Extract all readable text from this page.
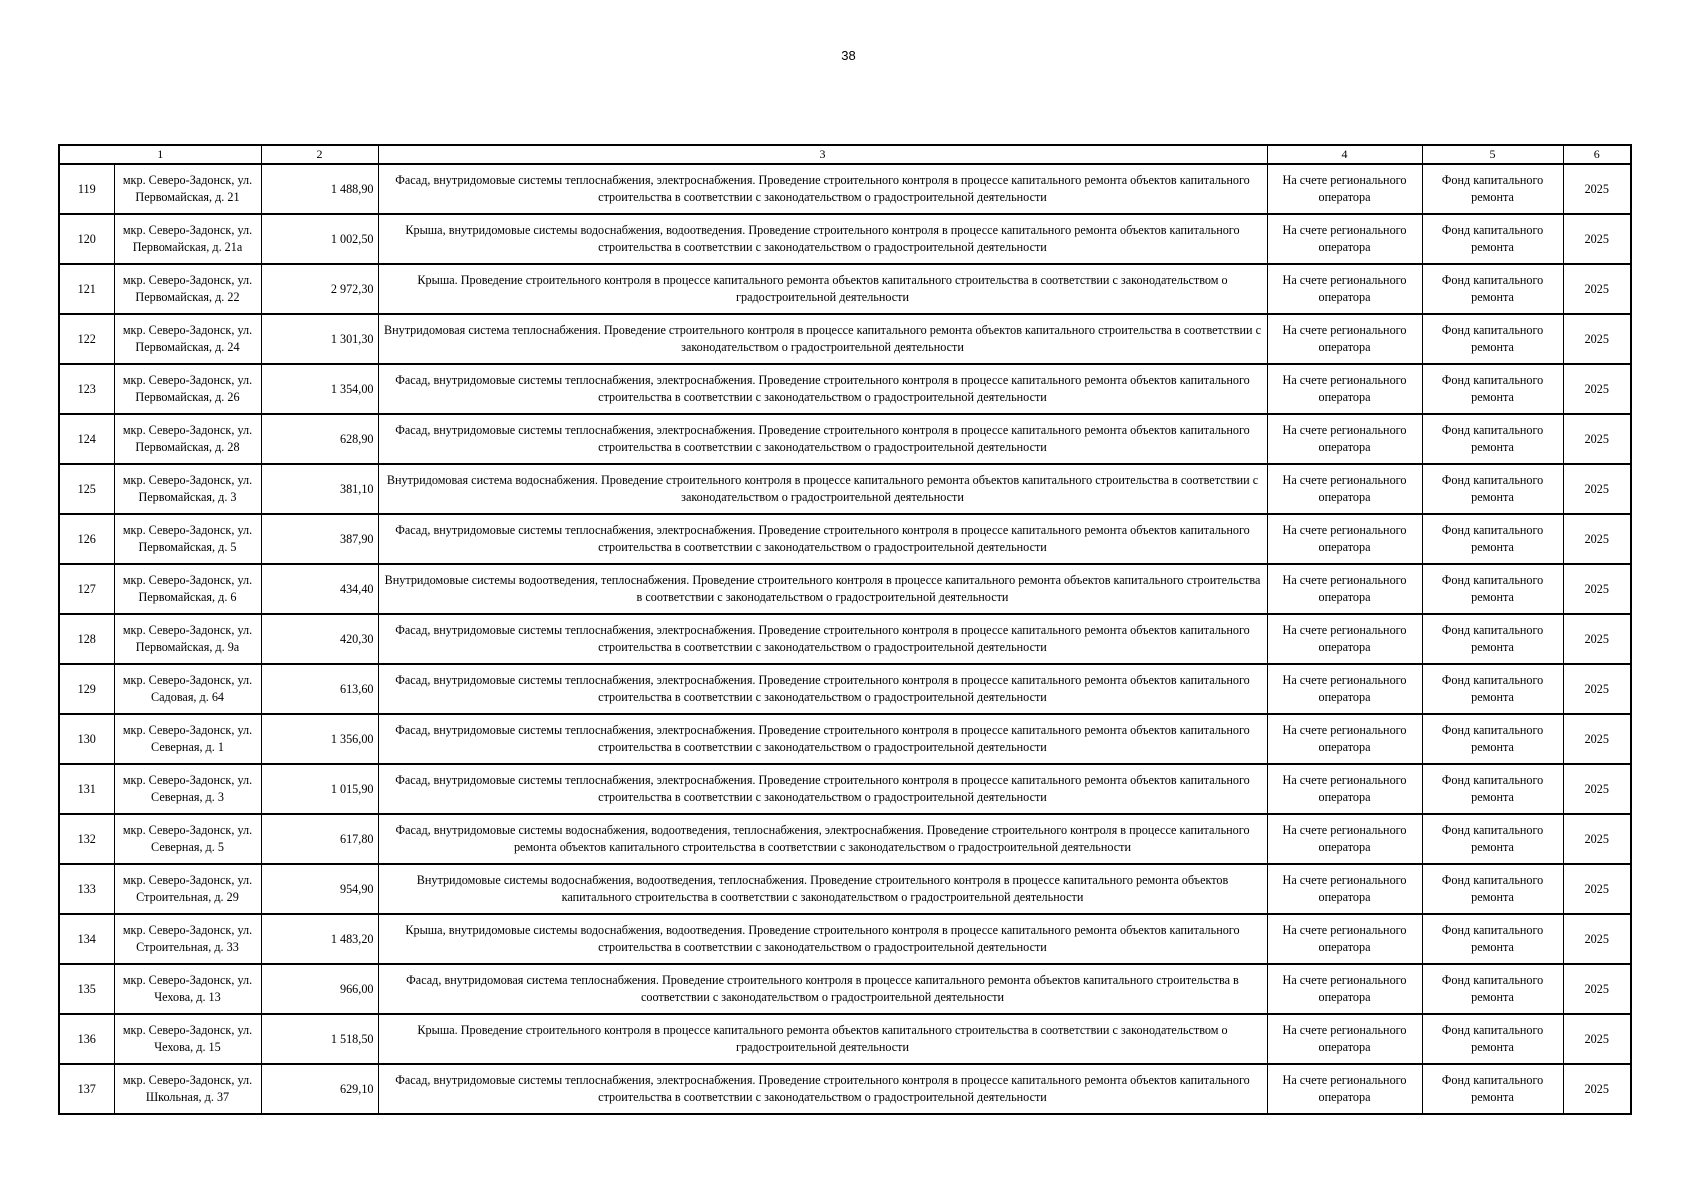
38
1		2	3	4	5	6
119	мкр. Северо-Задонск, ул. Первомайская, д. 21	1 488,90	Фасад, внутридомовые системы теплоснабжения, электроснабжения. Проведение строительного контроля в процессе капитального ремонта объектов капитального строительства в соответствии с законодательством о градостроительной деятельности	На счете регионального оператора	Фонд капитального ремонта	2025
120	мкр. Северо-Задонск, ул. Первомайская, д. 21а	1 002,50	Крыша, внутридомовые системы водоснабжения, водоотведения. Проведение строительного контроля в процессе капитального ремонта объектов капитального строительства в соответствии с законодательством о градостроительной деятельности	На счете регионального оператора	Фонд капитального ремонта	2025
121	мкр. Северо-Задонск, ул. Первомайская, д. 22	2 972,30	Крыша. Проведение строительного контроля в процессе капитального ремонта объектов капитального строительства в соответствии с законодательством о градостроительной деятельности	На счете регионального оператора	Фонд капитального ремонта	2025
122	мкр. Северо-Задонск, ул. Первомайская, д. 24	1 301,30	Внутридомовая система теплоснабжения. Проведение строительного контроля в процессе капитального ремонта объектов капитального строительства в соответствии с законодательством о градостроительной деятельности	На счете регионального оператора	Фонд капитального ремонта	2025
123	мкр. Северо-Задонск, ул. Первомайская, д. 26	1 354,00	Фасад, внутридомовые системы теплоснабжения, электроснабжения. Проведение строительного контроля в процессе капитального ремонта объектов капитального строительства в соответствии с законодательством о градостроительной деятельности	На счете регионального оператора	Фонд капитального ремонта	2025
124	мкр. Северо-Задонск, ул. Первомайская, д. 28	628,90	Фасад, внутридомовые системы теплоснабжения, электроснабжения. Проведение строительного контроля в процессе капитального ремонта объектов капитального строительства в соответствии с законодательством о градостроительной деятельности	На счете регионального оператора	Фонд капитального ремонта	2025
125	мкр. Северо-Задонск, ул. Первомайская, д. 3	381,10	Внутридомовая система водоснабжения. Проведение строительного контроля в процессе капитального ремонта объектов капитального строительства в соответствии с законодательством о градостроительной деятельности	На счете регионального оператора	Фонд капитального ремонта	2025
126	мкр. Северо-Задонск, ул. Первомайская, д. 5	387,90	Фасад, внутридомовые системы теплоснабжения, электроснабжения. Проведение строительного контроля в процессе капитального ремонта объектов капитального строительства в соответствии с законодательством о градостроительной деятельности	На счете регионального оператора	Фонд капитального ремонта	2025
127	мкр. Северо-Задонск, ул. Первомайская, д. 6	434,40	Внутридомовые системы водоотведения, теплоснабжения. Проведение строительного контроля в процессе капитального ремонта объектов капитального строительства в соответствии с законодательством о градостроительной деятельности	На счете регионального оператора	Фонд капитального ремонта	2025
128	мкр. Северо-Задонск, ул. Первомайская, д. 9а	420,30	Фасад, внутридомовые системы теплоснабжения, электроснабжения. Проведение строительного контроля в процессе капитального ремонта объектов капитального строительства в соответствии с законодательством о градостроительной деятельности	На счете регионального оператора	Фонд капитального ремонта	2025
129	мкр. Северо-Задонск, ул. Садовая, д. 64	613,60	Фасад, внутридомовые системы теплоснабжения, электроснабжения. Проведение строительного контроля в процессе капитального ремонта объектов капитального строительства в соответствии с законодательством о градостроительной деятельности	На счете регионального оператора	Фонд капитального ремонта	2025
130	мкр. Северо-Задонск, ул. Северная, д. 1	1 356,00	Фасад, внутридомовые системы теплоснабжения, электроснабжения. Проведение строительного контроля в процессе капитального ремонта объектов капитального строительства в соответствии с законодательством о градостроительной деятельности	На счете регионального оператора	Фонд капитального ремонта	2025
131	мкр. Северо-Задонск, ул. Северная, д. 3	1 015,90	Фасад, внутридомовые системы теплоснабжения, электроснабжения. Проведение строительного контроля в процессе капитального ремонта объектов капитального строительства в соответствии с законодательством о градостроительной деятельности	На счете регионального оператора	Фонд капитального ремонта	2025
132	мкр. Северо-Задонск, ул. Северная, д. 5	617,80	Фасад, внутридомовые системы водоснабжения, водоотведения, теплоснабжения, электроснабжения. Проведение строительного контроля в процессе капитального ремонта объектов капитального строительства в соответствии с законодательством о градостроительной деятельности	На счете регионального оператора	Фонд капитального ремонта	2025
133	мкр. Северо-Задонск, ул. Строительная, д. 29	954,90	Внутридомовые системы водоснабжения, водоотведения, теплоснабжения. Проведение строительного контроля в процессе капитального ремонта объектов капитального строительства в соответствии с законодательством о градостроительной деятельности	На счете регионального оператора	Фонд капитального ремонта	2025
134	мкр. Северо-Задонск, ул. Строительная, д. 33	1 483,20	Крыша, внутридомовые системы водоснабжения, водоотведения. Проведение строительного контроля в процессе капитального ремонта объектов капитального строительства в соответствии с законодательством о градостроительной деятельности	На счете регионального оператора	Фонд капитального ремонта	2025
135	мкр. Северо-Задонск, ул. Чехова, д. 13	966,00	Фасад, внутридомовая система теплоснабжения. Проведение строительного контроля в процессе капитального ремонта объектов капитального строительства в соответствии с законодательством о градостроительной деятельности	На счете регионального оператора	Фонд капитального ремонта	2025
136	мкр. Северо-Задонск, ул. Чехова, д. 15	1 518,50	Крыша. Проведение строительного контроля в процессе капитального ремонта объектов капитального строительства в соответствии с законодательством о градостроительной деятельности	На счете регионального оператора	Фонд капитального ремонта	2025
137	мкр. Северо-Задонск, ул. Школьная, д. 37	629,10	Фасад, внутридомовые системы теплоснабжения, электроснабжения. Проведение строительного контроля в процессе капитального ремонта объектов капитального строительства в соответствии с законодательством о градостроительной деятельности	На счете регионального оператора	Фонд капитального ремонта	2025
